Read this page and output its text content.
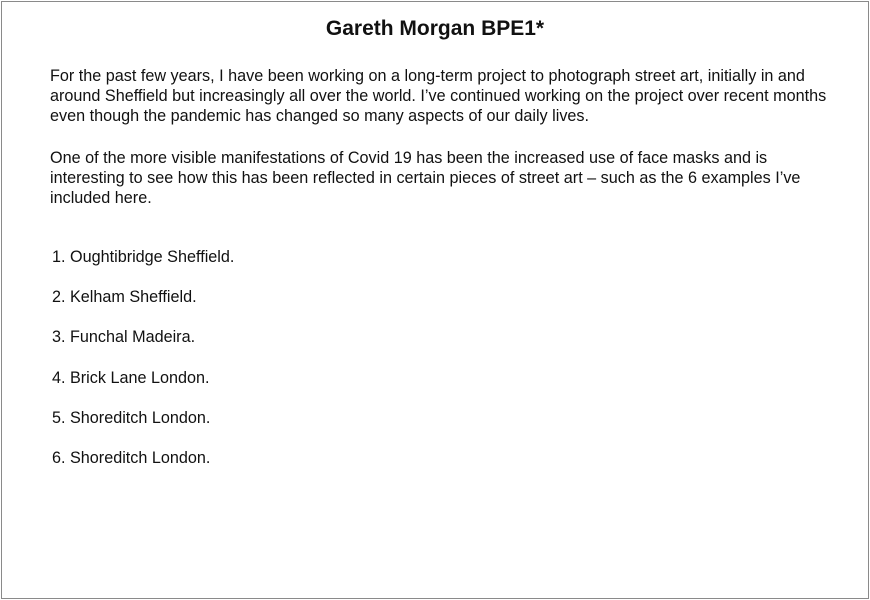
Gareth Morgan BPE1*

For the past few years, I have been working on a long-term project to photograph street art, initially in and around Sheffield but increasingly all over the world. I’ve continued working on the project over recent months even though the pandemic has changed so many aspects of our daily lives.

One of the more visible manifestations of Covid 19 has been the increased use of face masks and is interesting to see how this has been reflected in certain pieces of street art – such as the 6 examples I’ve included here.

1. Oughtibridge Sheffield.
2. Kelham Sheffield.
3. Funchal Madeira.
4. Brick Lane London.
5. Shoreditch London.
6. Shoreditch London.
